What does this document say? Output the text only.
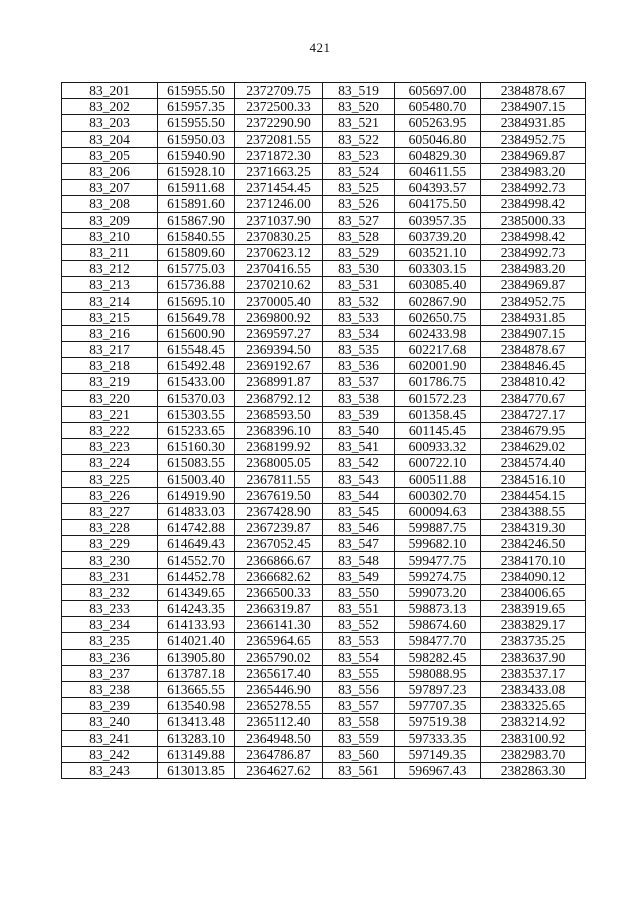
421
83_201	615955.50	2372709.75	83_519	605697.00	2384878.67
83_202	615957.35	2372500.33	83_520	605480.70	2384907.15
83_203	615955.50	2372290.90	83_521	605263.95	2384931.85
83_204	615950.03	2372081.55	83_522	605046.80	2384952.75
83_205	615940.90	2371872.30	83_523	604829.30	2384969.87
83_206	615928.10	2371663.25	83_524	604611.55	2384983.20
83_207	615911.68	2371454.45	83_525	604393.57	2384992.73
83_208	615891.60	2371246.00	83_526	604175.50	2384998.42
83_209	615867.90	2371037.90	83_527	603957.35	2385000.33
83_210	615840.55	2370830.25	83_528	603739.20	2384998.42
83_211	615809.60	2370623.12	83_529	603521.10	2384992.73
83_212	615775.03	2370416.55	83_530	603303.15	2384983.20
83_213	615736.88	2370210.62	83_531	603085.40	2384969.87
83_214	615695.10	2370005.40	83_532	602867.90	2384952.75
83_215	615649.78	2369800.92	83_533	602650.75	2384931.85
83_216	615600.90	2369597.27	83_534	602433.98	2384907.15
83_217	615548.45	2369394.50	83_535	602217.68	2384878.67
83_218	615492.48	2369192.67	83_536	602001.90	2384846.45
83_219	615433.00	2368991.87	83_537	601786.75	2384810.42
83_220	615370.03	2368792.12	83_538	601572.23	2384770.67
83_221	615303.55	2368593.50	83_539	601358.45	2384727.17
83_222	615233.65	2368396.10	83_540	601145.45	2384679.95
83_223	615160.30	2368199.92	83_541	600933.32	2384629.02
83_224	615083.55	2368005.05	83_542	600722.10	2384574.40
83_225	615003.40	2367811.55	83_543	600511.88	2384516.10
83_226	614919.90	2367619.50	83_544	600302.70	2384454.15
83_227	614833.03	2367428.90	83_545	600094.63	2384388.55
83_228	614742.88	2367239.87	83_546	599887.75	2384319.30
83_229	614649.43	2367052.45	83_547	599682.10	2384246.50
83_230	614552.70	2366866.67	83_548	599477.75	2384170.10
83_231	614452.78	2366682.62	83_549	599274.75	2384090.12
83_232	614349.65	2366500.33	83_550	599073.20	2384006.65
83_233	614243.35	2366319.87	83_551	598873.13	2383919.65
83_234	614133.93	2366141.30	83_552	598674.60	2383829.17
83_235	614021.40	2365964.65	83_553	598477.70	2383735.25
83_236	613905.80	2365790.02	83_554	598282.45	2383637.90
83_237	613787.18	2365617.40	83_555	598088.95	2383537.17
83_238	613665.55	2365446.90	83_556	597897.23	2383433.08
83_239	613540.98	2365278.55	83_557	597707.35	2383325.65
83_240	613413.48	2365112.40	83_558	597519.38	2383214.92
83_241	613283.10	2364948.50	83_559	597333.35	2383100.92
83_242	613149.88	2364786.87	83_560	597149.35	2382983.70
83_243	613013.85	2364627.62	83_561	596967.43	2382863.30
